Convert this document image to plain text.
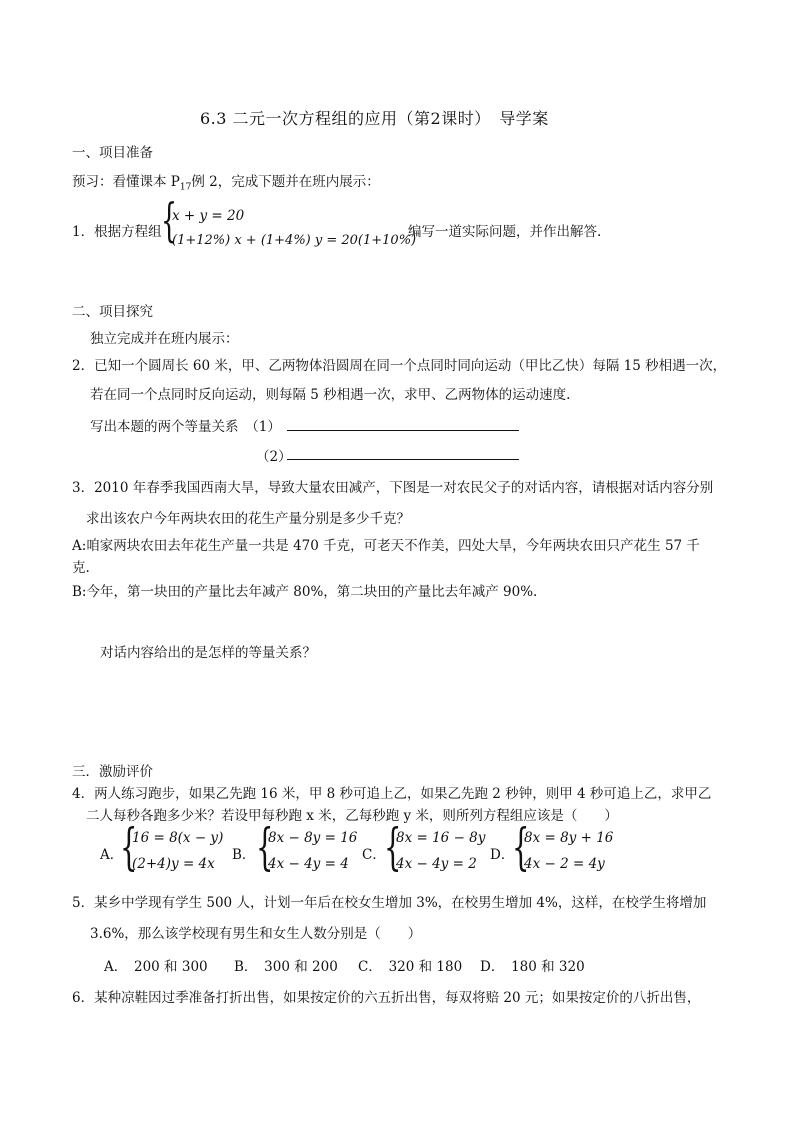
6.3 二元一次方程组的应用（第2课时）　导学案
一、项目准备
预习：看懂课本 $P_{17}$例 2，完成下题并在班内展示：
1．根据方程组 {
x + y = 20
(1+12%) x + (1+4%) y = 20(1+10%)
编写一道实际问题，并作出解答.
二、项目探究
独立完成并在班内展示：
2．已知一个圆周长 60 米，甲、乙两物体沿圆周在同一个点同时同向运动（甲比乙快）每隔 15 秒相遇一次，
若在同一个点同时反向运动，则每隔 5 秒相遇一次，求甲、乙两物体的运动速度.
写出本题的两个等量关系　（1）
（2）
3．2010 年春季我国西南大旱，导致大量农田减产，下图是一对农民父子的对话内容，请根据对话内容分别
求出该农户今年两块农田的花生产量分别是多少千克？
A:咱家两块农田去年花生产量一共是 470 千克，可老天不作美，四处大旱，今年两块农田只产花生 57 千
克.
B:今年，第一块田的产量比去年减产 80%，第二块田的产量比去年减产 90%.
对话内容给出的是怎样的等量关系？
三．激励评价
4．两人练习跑步，如果乙先跑 16 米，甲 8 秒可追上乙，如果乙先跑 2 秒钟，则甲 4 秒可追上乙，求甲乙
二人每秒各跑多少米？若设甲每秒跑 x 米，乙每秒跑 y 米，则所列方程组应该是（　　）
A．
{
16 = 8(x − y)
(2+4)y = 4x
B． {
8x − 8y = 16
4x − 4y = 4
C．
{
8x = 16 − 8y
4x − 4y = 2
D．
{
8x = 8y + 16
4x − 2 = 4y
5．某乡中学现有学生 500 人，计划一年后在校女生增加 3%，在校男生增加 4%，这样，在校学生将增加
3.6%，那么该学校现有男生和女生人数分别是（　　）
A．　200 和 300 B．　300 和 200 C．　320 和 180 D．　180 和 320
6．某种凉鞋因过季准备打折出售，如果按定价的六五折出售，每双将赔 20 元；如果按定价的八折出售，
